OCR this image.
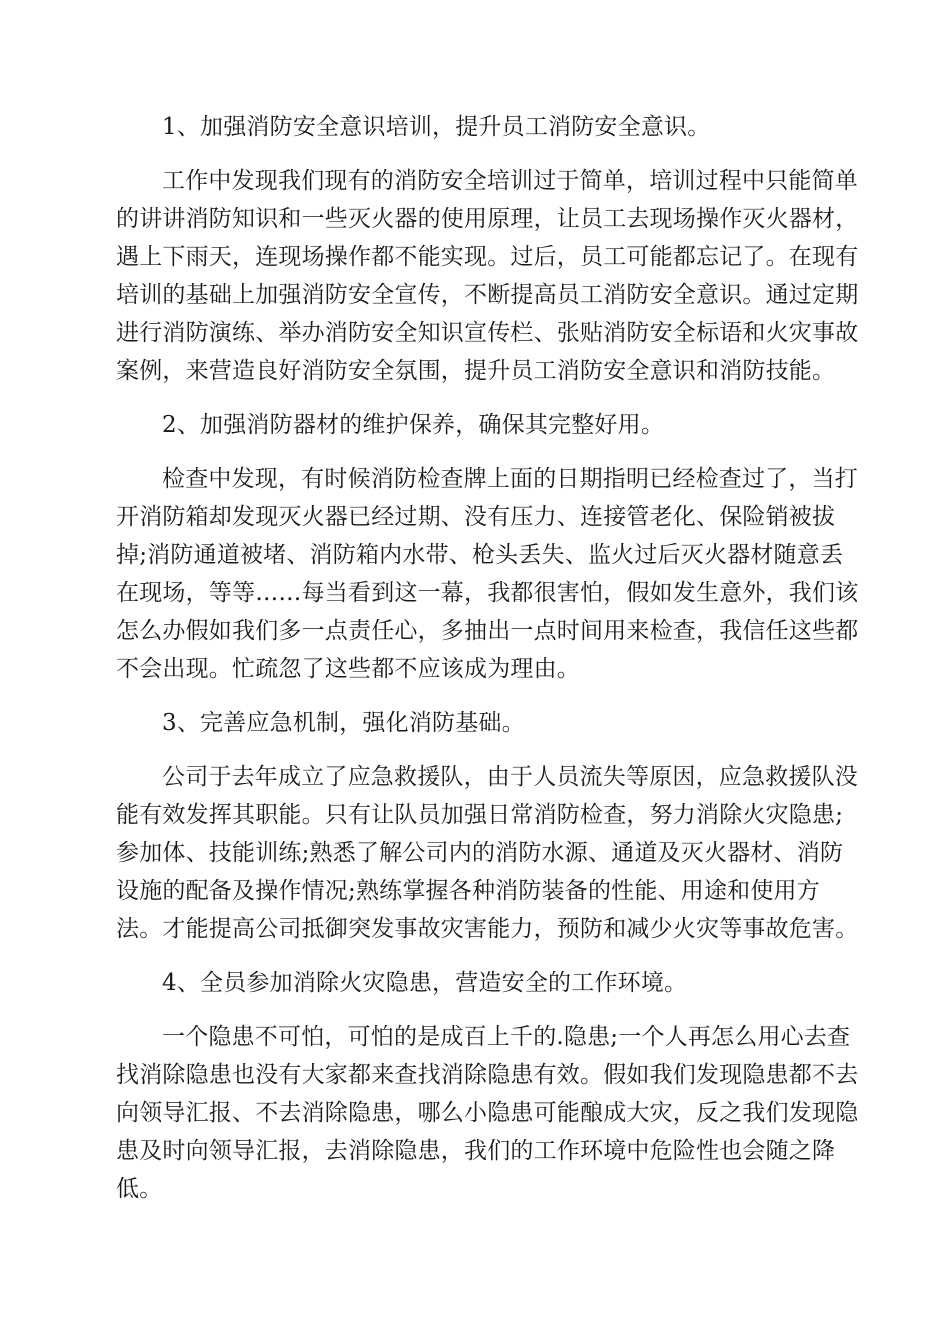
1、加强消防安全意识培训，提升员工消防安全意识。
工作中发现我们现有的消防安全培训过于简单，培训过程中只能简单
的讲讲消防知识和一些灭火器的使用原理，让员工去现场操作灭火器材，
遇上下雨天，连现场操作都不能实现。过后，员工可能都忘记了。在现有
培训的基础上加强消防安全宣传，不断提高员工消防安全意识。通过定期
进行消防演练、举办消防安全知识宣传栏、张贴消防安全标语和火灾事故
案例，来营造良好消防安全氛围，提升员工消防安全意识和消防技能。
2、加强消防器材的维护保养，确保其完整好用。
检查中发现，有时候消防检查牌上面的日期指明已经检查过了，当打
开消防箱却发现灭火器已经过期、没有压力、连接管老化、保险销被拔
掉;消防通道被堵、消防箱内水带、枪头丢失、监火过后灭火器材随意丢
在现场，等等……每当看到这一幕，我都很害怕，假如发生意外，我们该
怎么办假如我们多一点责任心，多抽出一点时间用来检查，我信任这些都
不会出现。忙疏忽了这些都不应该成为理由。
3、完善应急机制，强化消防基础。
公司于去年成立了应急救援队，由于人员流失等原因，应急救援队没
能有效发挥其职能。只有让队员加强日常消防检查，努力消除火灾隐患;
参加体、技能训练;熟悉了解公司内的消防水源、通道及灭火器材、消防
设施的配备及操作情况;熟练掌握各种消防装备的性能、用途和使用方
法。才能提高公司抵御突发事故灾害能力，预防和减少火灾等事故危害。
4、全员参加消除火灾隐患，营造安全的工作环境。
一个隐患不可怕，可怕的是成百上千的.隐患;一个人再怎么用心去查
找消除隐患也没有大家都来查找消除隐患有效。假如我们发现隐患都不去
向领导汇报、不去消除隐患，哪么小隐患可能酿成大灾，反之我们发现隐
患及时向领导汇报，去消除隐患，我们的工作环境中危险性也会随之降
低。
